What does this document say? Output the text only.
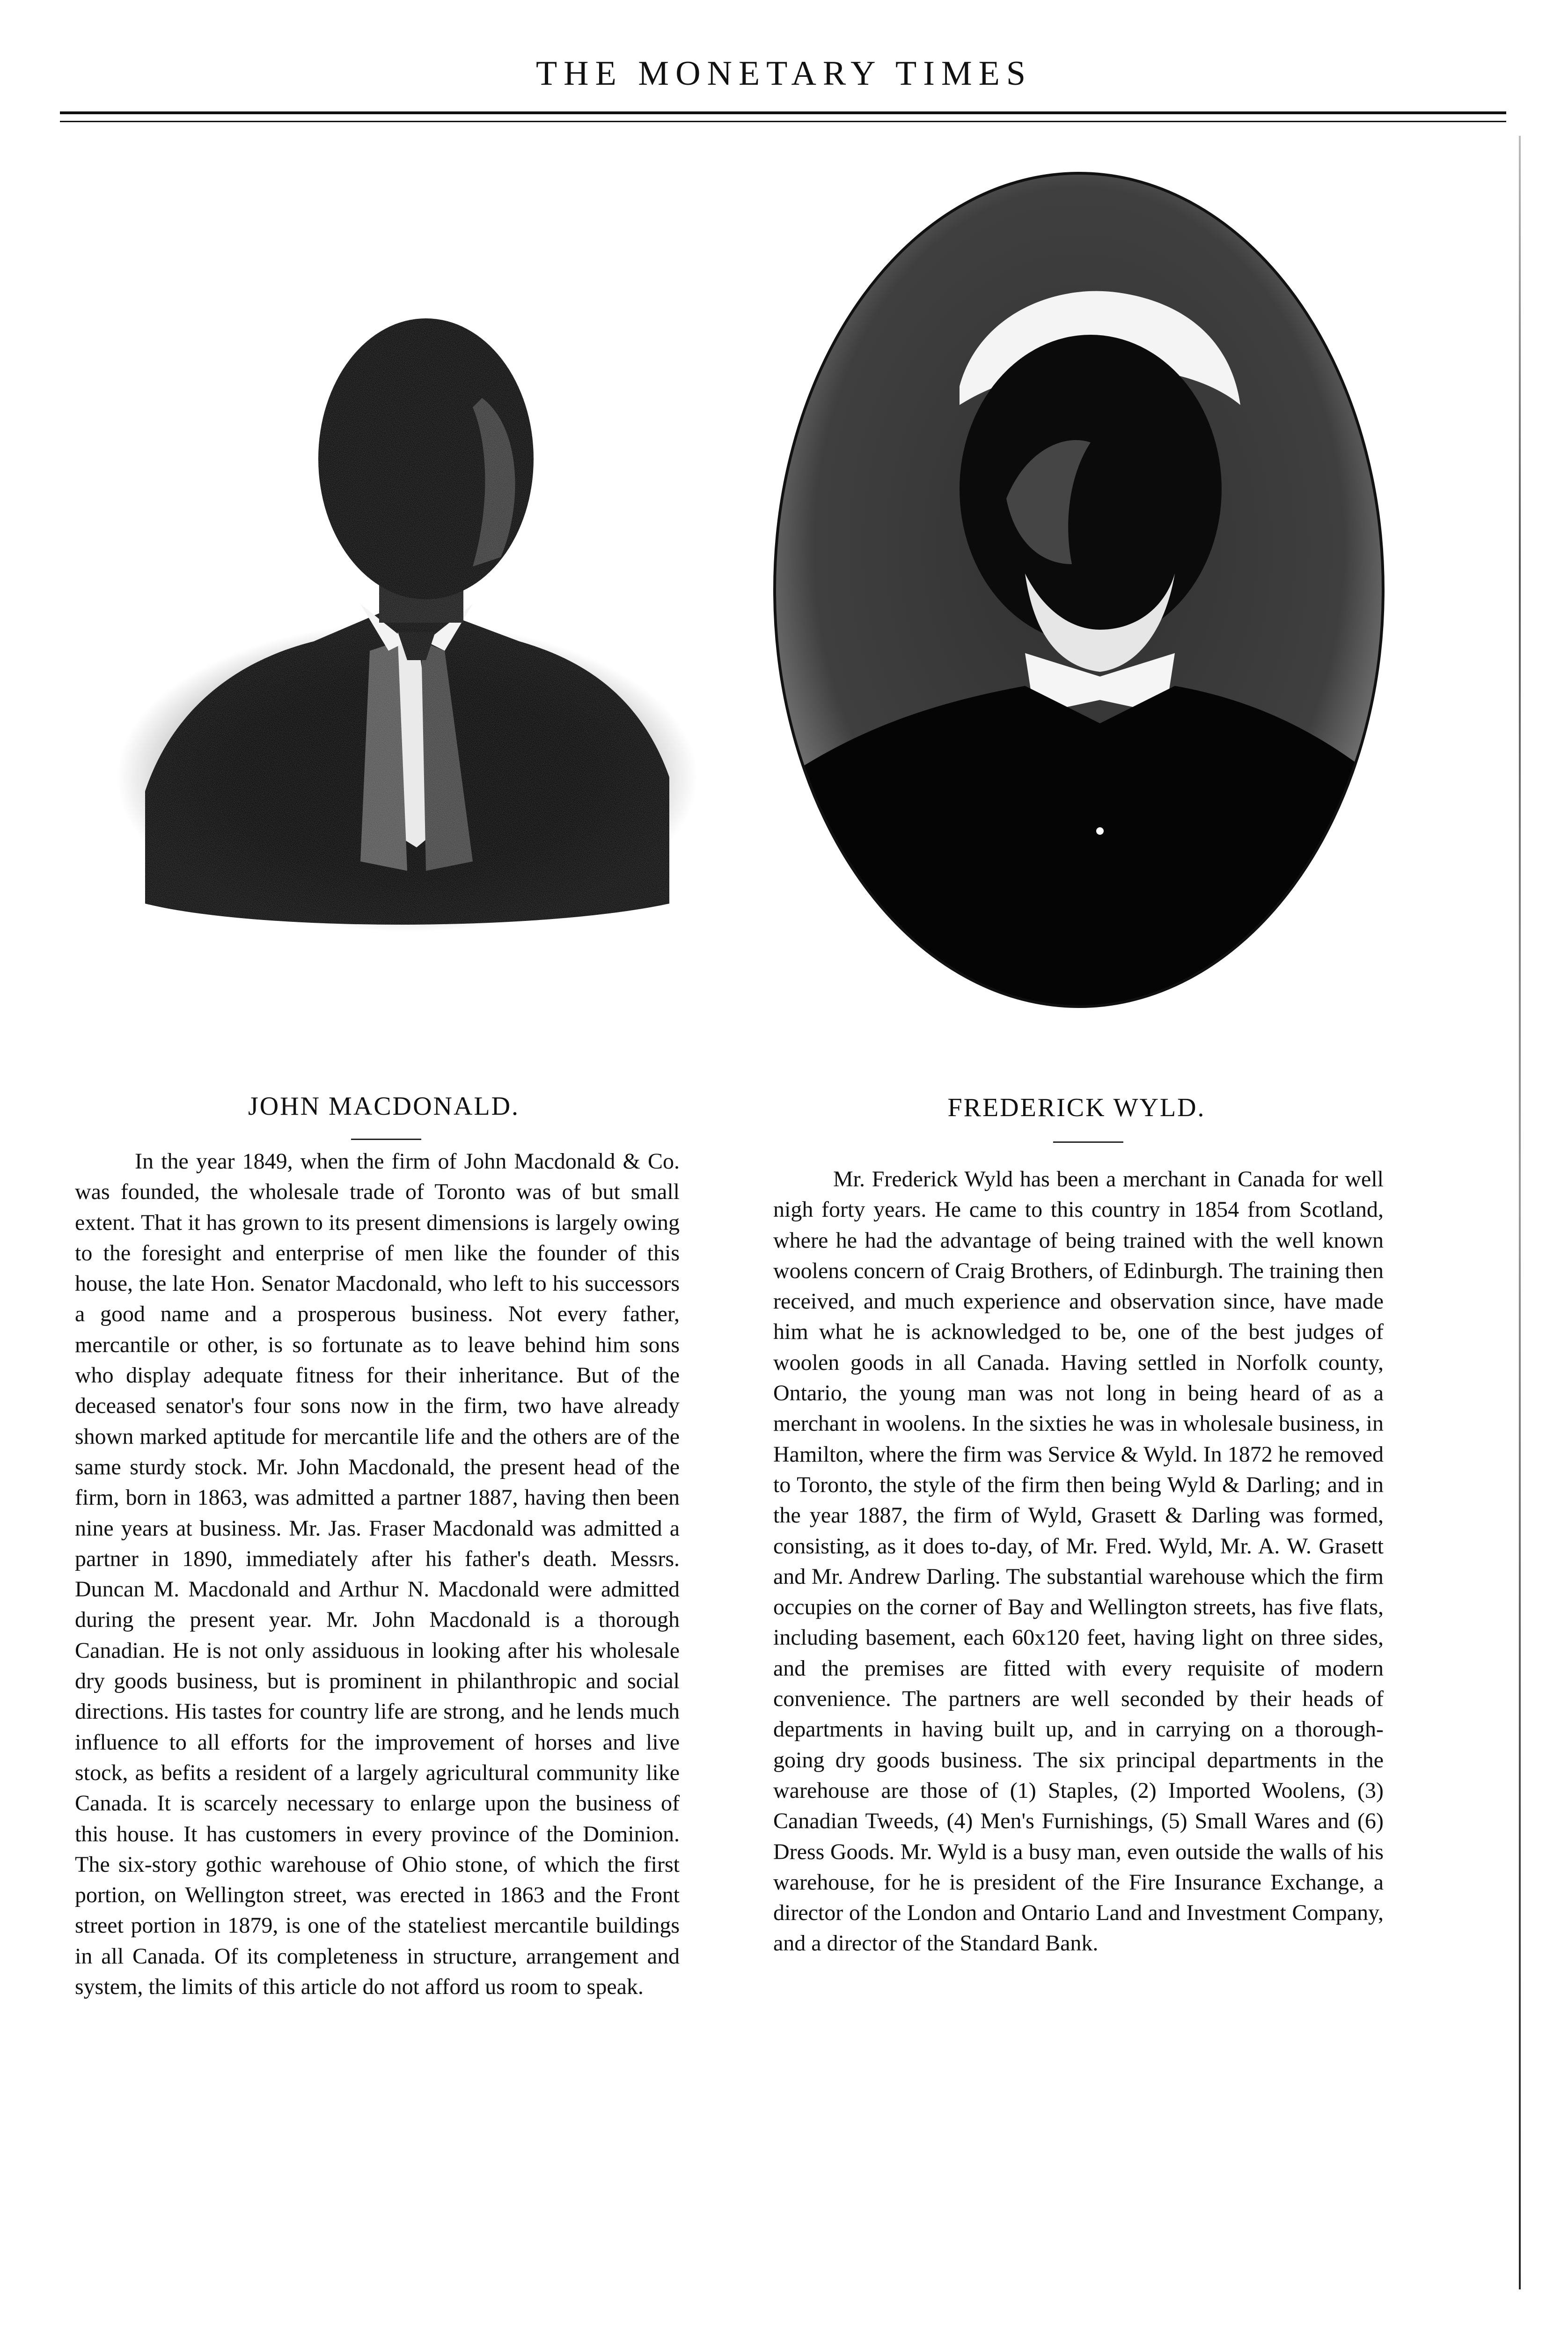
THE MONETARY TIMES
JOHN MACDONALD.	FREDERICK WYLD.

In the year 1849, when the firm of John Macdonald & Co. was founded, the wholesale trade of Toronto was of but small extent. That it has grown to its present dimensions is largely owing to the foresight and enterprise of men like the founder of this house, the late Hon. Senator Macdonald, who left to his successors a good name and a prosperous business. Not every father, mercantile or other, is so fortunate as to leave behind him sons who display adequate fitness for their inheritance. But of the deceased senator's four sons now in the firm, two have already shown marked aptitude for mercantile life and the others are of the same sturdy stock. Mr. John Macdonald, the present head of the firm, born in 1863, was admitted a partner 1887, having then been nine years at business. Mr. Jas. Fraser Macdonald was admitted a partner in 1890, immediately after his father's death. Messrs. Duncan M. Macdonald and Arthur N. Macdonald were admitted during the present year. Mr. John Macdonald is a thorough Canadian. He is not only assiduous in looking after his wholesale dry goods business, but is prominent in philanthropic and social directions. His tastes for country life are strong, and he lends much influence to all efforts for the improvement of horses and live stock, as befits a resident of a largely agricultural community like Canada. It is scarcely necessary to enlarge upon the business of this house. It has customers in every province of the Dominion. The six-story gothic warehouse of Ohio stone, of which the first portion, on Wellington street, was erected in 1863 and the Front street portion in 1879, is one of the stateliest mercantile buildings in all Canada. Of its completeness in structure, arrangement and system, the limits of this article do not afford us room to speak.

Mr. Frederick Wyld has been a merchant in Canada for well nigh forty years. He came to this country in 1854 from Scotland, where he had the advantage of being trained with the well known woolens concern of Craig Brothers, of Edinburgh. The training then received, and much experience and observation since, have made him what he is acknowledged to be, one of the best judges of woolen goods in all Canada. Having settled in Norfolk county, Ontario, the young man was not long in being heard of as a merchant in woolens. In the sixties he was in wholesale business, in Hamilton, where the firm was Service & Wyld. In 1872 he removed to Toronto, the style of the firm then being Wyld & Darling; and in the year 1887, the firm of Wyld, Grasett & Darling was formed, consisting, as it does to-day, of Mr. Fred. Wyld, Mr. A. W. Grasett and Mr. Andrew Darling. The substantial warehouse which the firm occupies on the corner of Bay and Wellington streets, has five flats, including basement, each 60x120 feet, having light on three sides, and the premises are fitted with every requisite of modern convenience. The partners are well seconded by their heads of departments in having built up, and in carrying on a thorough-going dry goods business. The six principal departments in the warehouse are those of (1) Staples, (2) Imported Woolens, (3) Canadian Tweeds, (4) Men's Furnishings, (5) Small Wares and (6) Dress Goods. Mr. Wyld is a busy man, even outside the walls of his warehouse, for he is president of the Fire Insurance Exchange, a director of the London and Ontario Land and Investment Company, and a director of the Standard Bank.
